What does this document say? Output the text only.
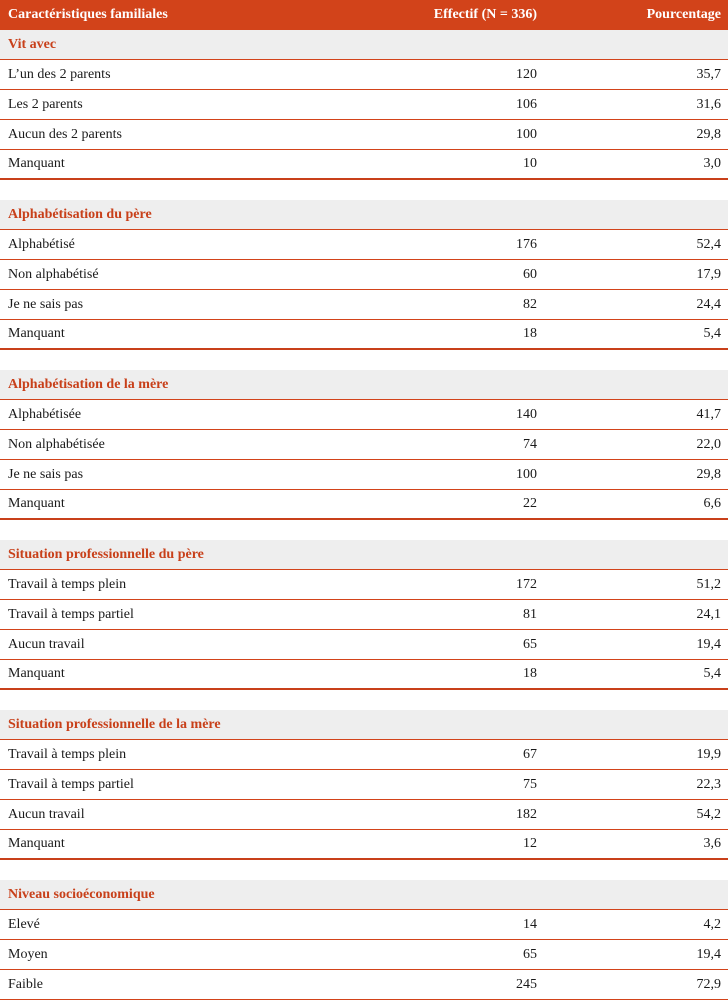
Caractéristiques familiales	Effectif (N = 336)	Pourcentage
Vit avec
L’un des 2 parents	120	35,7
Les 2 parents	106	31,6
Aucun des 2 parents	100	29,8
Manquant	10	3,0
Alphabétisation du père
Alphabétisé	176	52,4
Non alphabétisé	60	17,9
Je ne sais pas	82	24,4
Manquant	18	5,4
Alphabétisation de la mère
Alphabétisée	140	41,7
Non alphabétisée	74	22,0
Je ne sais pas	100	29,8
Manquant	22	6,6
Situation professionnelle du père
Travail à temps plein	172	51,2
Travail à temps partiel	81	24,1
Aucun travail	65	19,4
Manquant	18	5,4
Situation professionnelle de la mère
Travail à temps plein	67	19,9
Travail à temps partiel	75	22,3
Aucun travail	182	54,2
Manquant	12	3,6
Niveau socioéconomique
Elevé	14	4,2
Moyen	65	19,4
Faible	245	72,9
